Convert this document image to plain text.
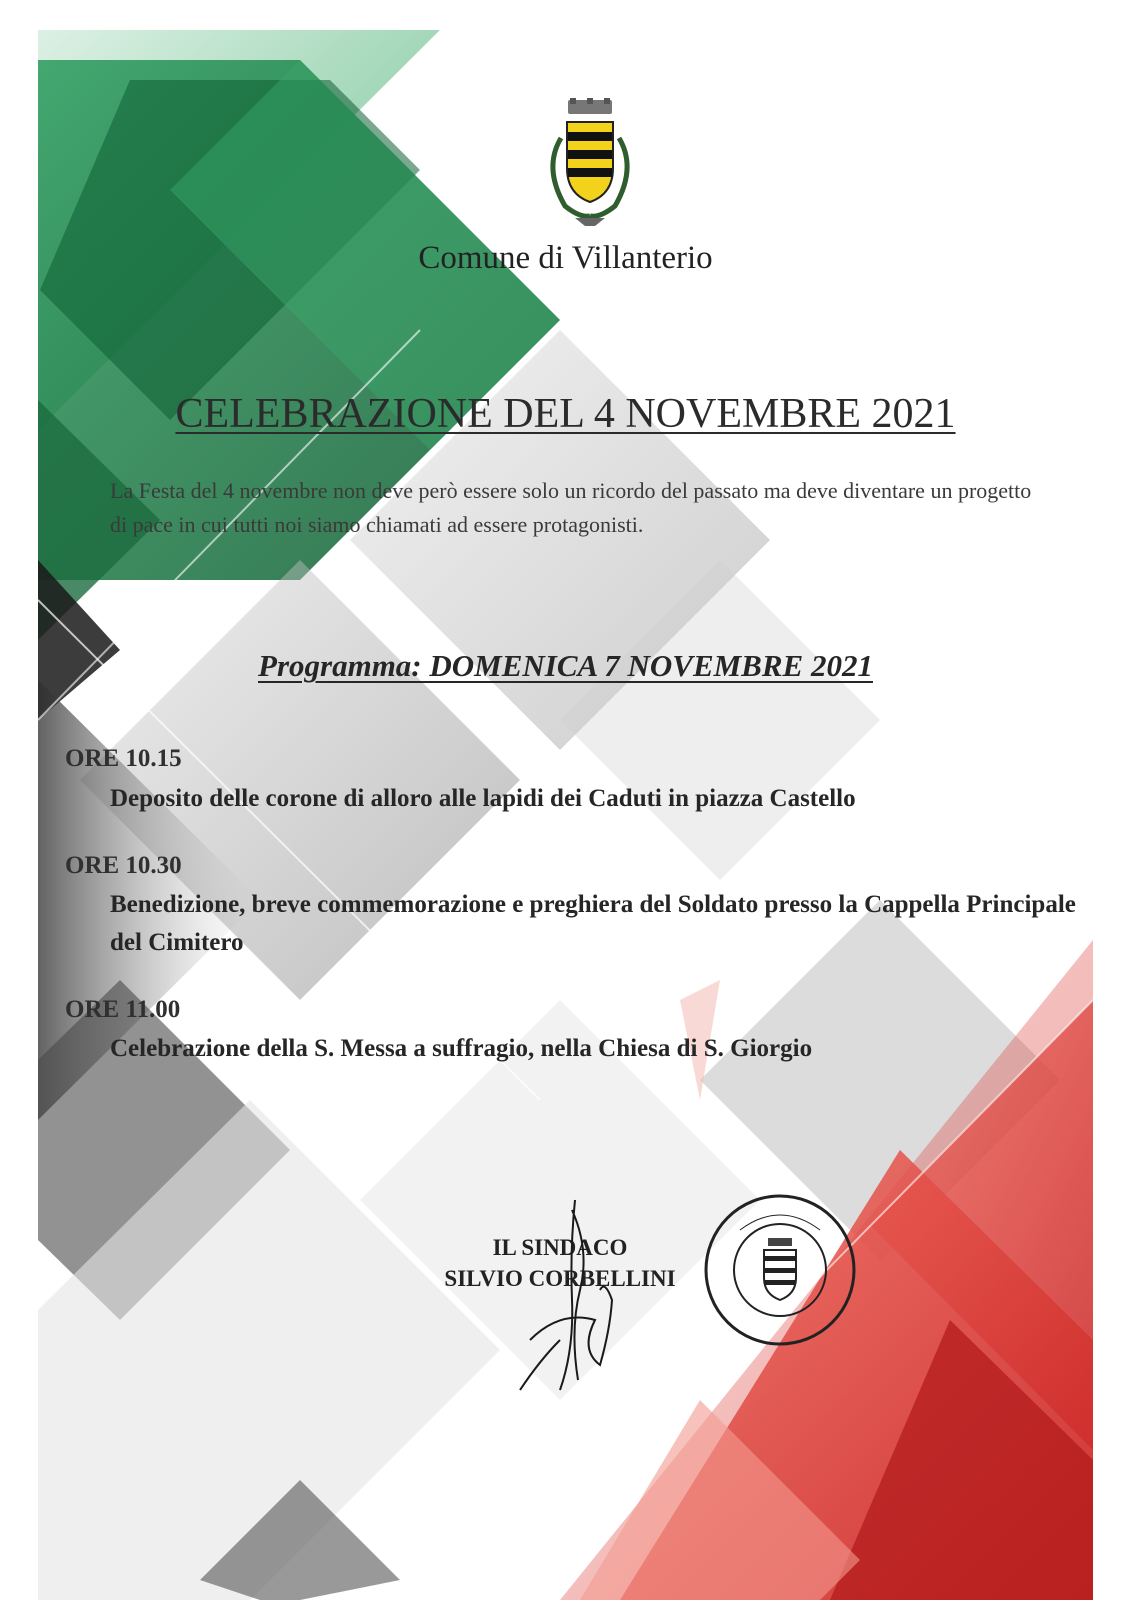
Comune di Villanterio
CELEBRAZIONE DEL 4 NOVEMBRE 2021
La Festa del 4 novembre non deve però essere solo un ricordo del passato ma deve diventare un progetto di pace in cui tutti noi siamo chiamati ad essere protagonisti.
Programma: DOMENICA 7 NOVEMBRE 2021
ORE 10.15
Deposito delle corone di alloro alle lapidi dei Caduti in piazza Castello
ORE 10.30
Benedizione, breve commemorazione e preghiera del Soldato presso la Cappella Principale del Cimitero
ORE 11.00
Celebrazione della S. Messa a suffragio, nella Chiesa di S. Giorgio
IL SINDACO
SILVIO CORBELLINI
